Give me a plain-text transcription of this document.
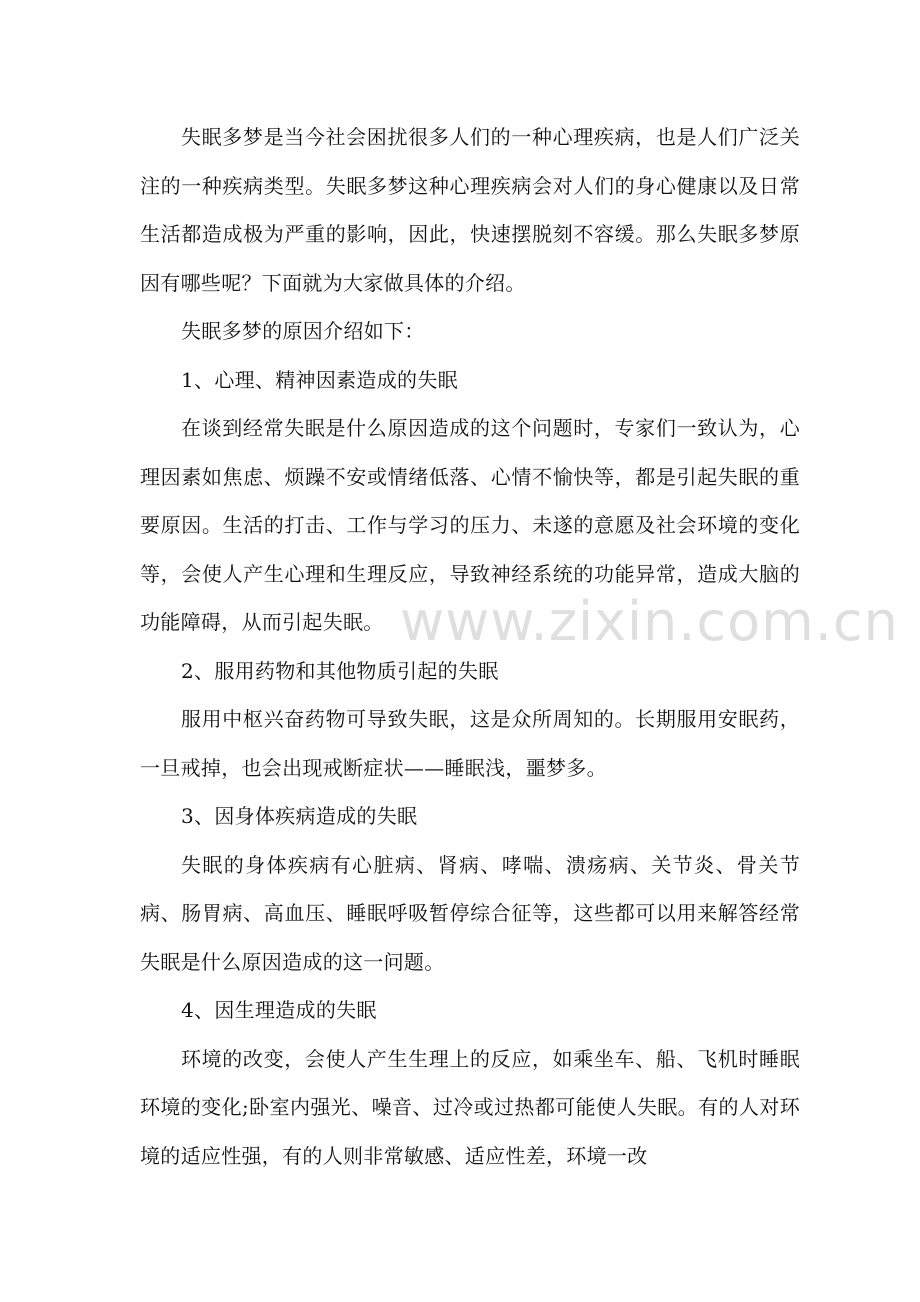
失眠多梦是当今社会困扰很多人们的一种心理疾病，也是人们广泛关注的一种疾病类型。失眠多梦这种心理疾病会对人们的身心健康以及日常生活都造成极为严重的影响，因此，快速摆脱刻不容缓。那么失眠多梦原因有哪些呢？下面就为大家做具体的介绍。

失眠多梦的原因介绍如下：

1、心理、精神因素造成的失眠

在谈到经常失眠是什么原因造成的这个问题时，专家们一致认为，心理因素如焦虑、烦躁不安或情绪低落、心情不愉快等，都是引起失眠的重要原因。生活的打击、工作与学习的压力、未遂的意愿及社会环境的变化等，会使人产生心理和生理反应，导致神经系统的功能异常，造成大脑的功能障碍，从而引起失眠。

2、服用药物和其他物质引起的失眠

服用中枢兴奋药物可导致失眠，这是众所周知的。长期服用安眠药，一旦戒掉，也会出现戒断症状——睡眠浅，噩梦多。

3、因身体疾病造成的失眠

失眠的身体疾病有心脏病、肾病、哮喘、溃疡病、关节炎、骨关节病、肠胃病、高血压、睡眠呼吸暂停综合征等，这些都可以用来解答经常失眠是什么原因造成的这一问题。

4、因生理造成的失眠

环境的改变，会使人产生生理上的反应，如乘坐车、船、飞机时睡眠环境的变化;卧室内强光、噪音、过冷或过热都可能使人失眠。有的人对环境的适应性强，有的人则非常敏感、适应性差，环境一改

www.zixin.com.cn
